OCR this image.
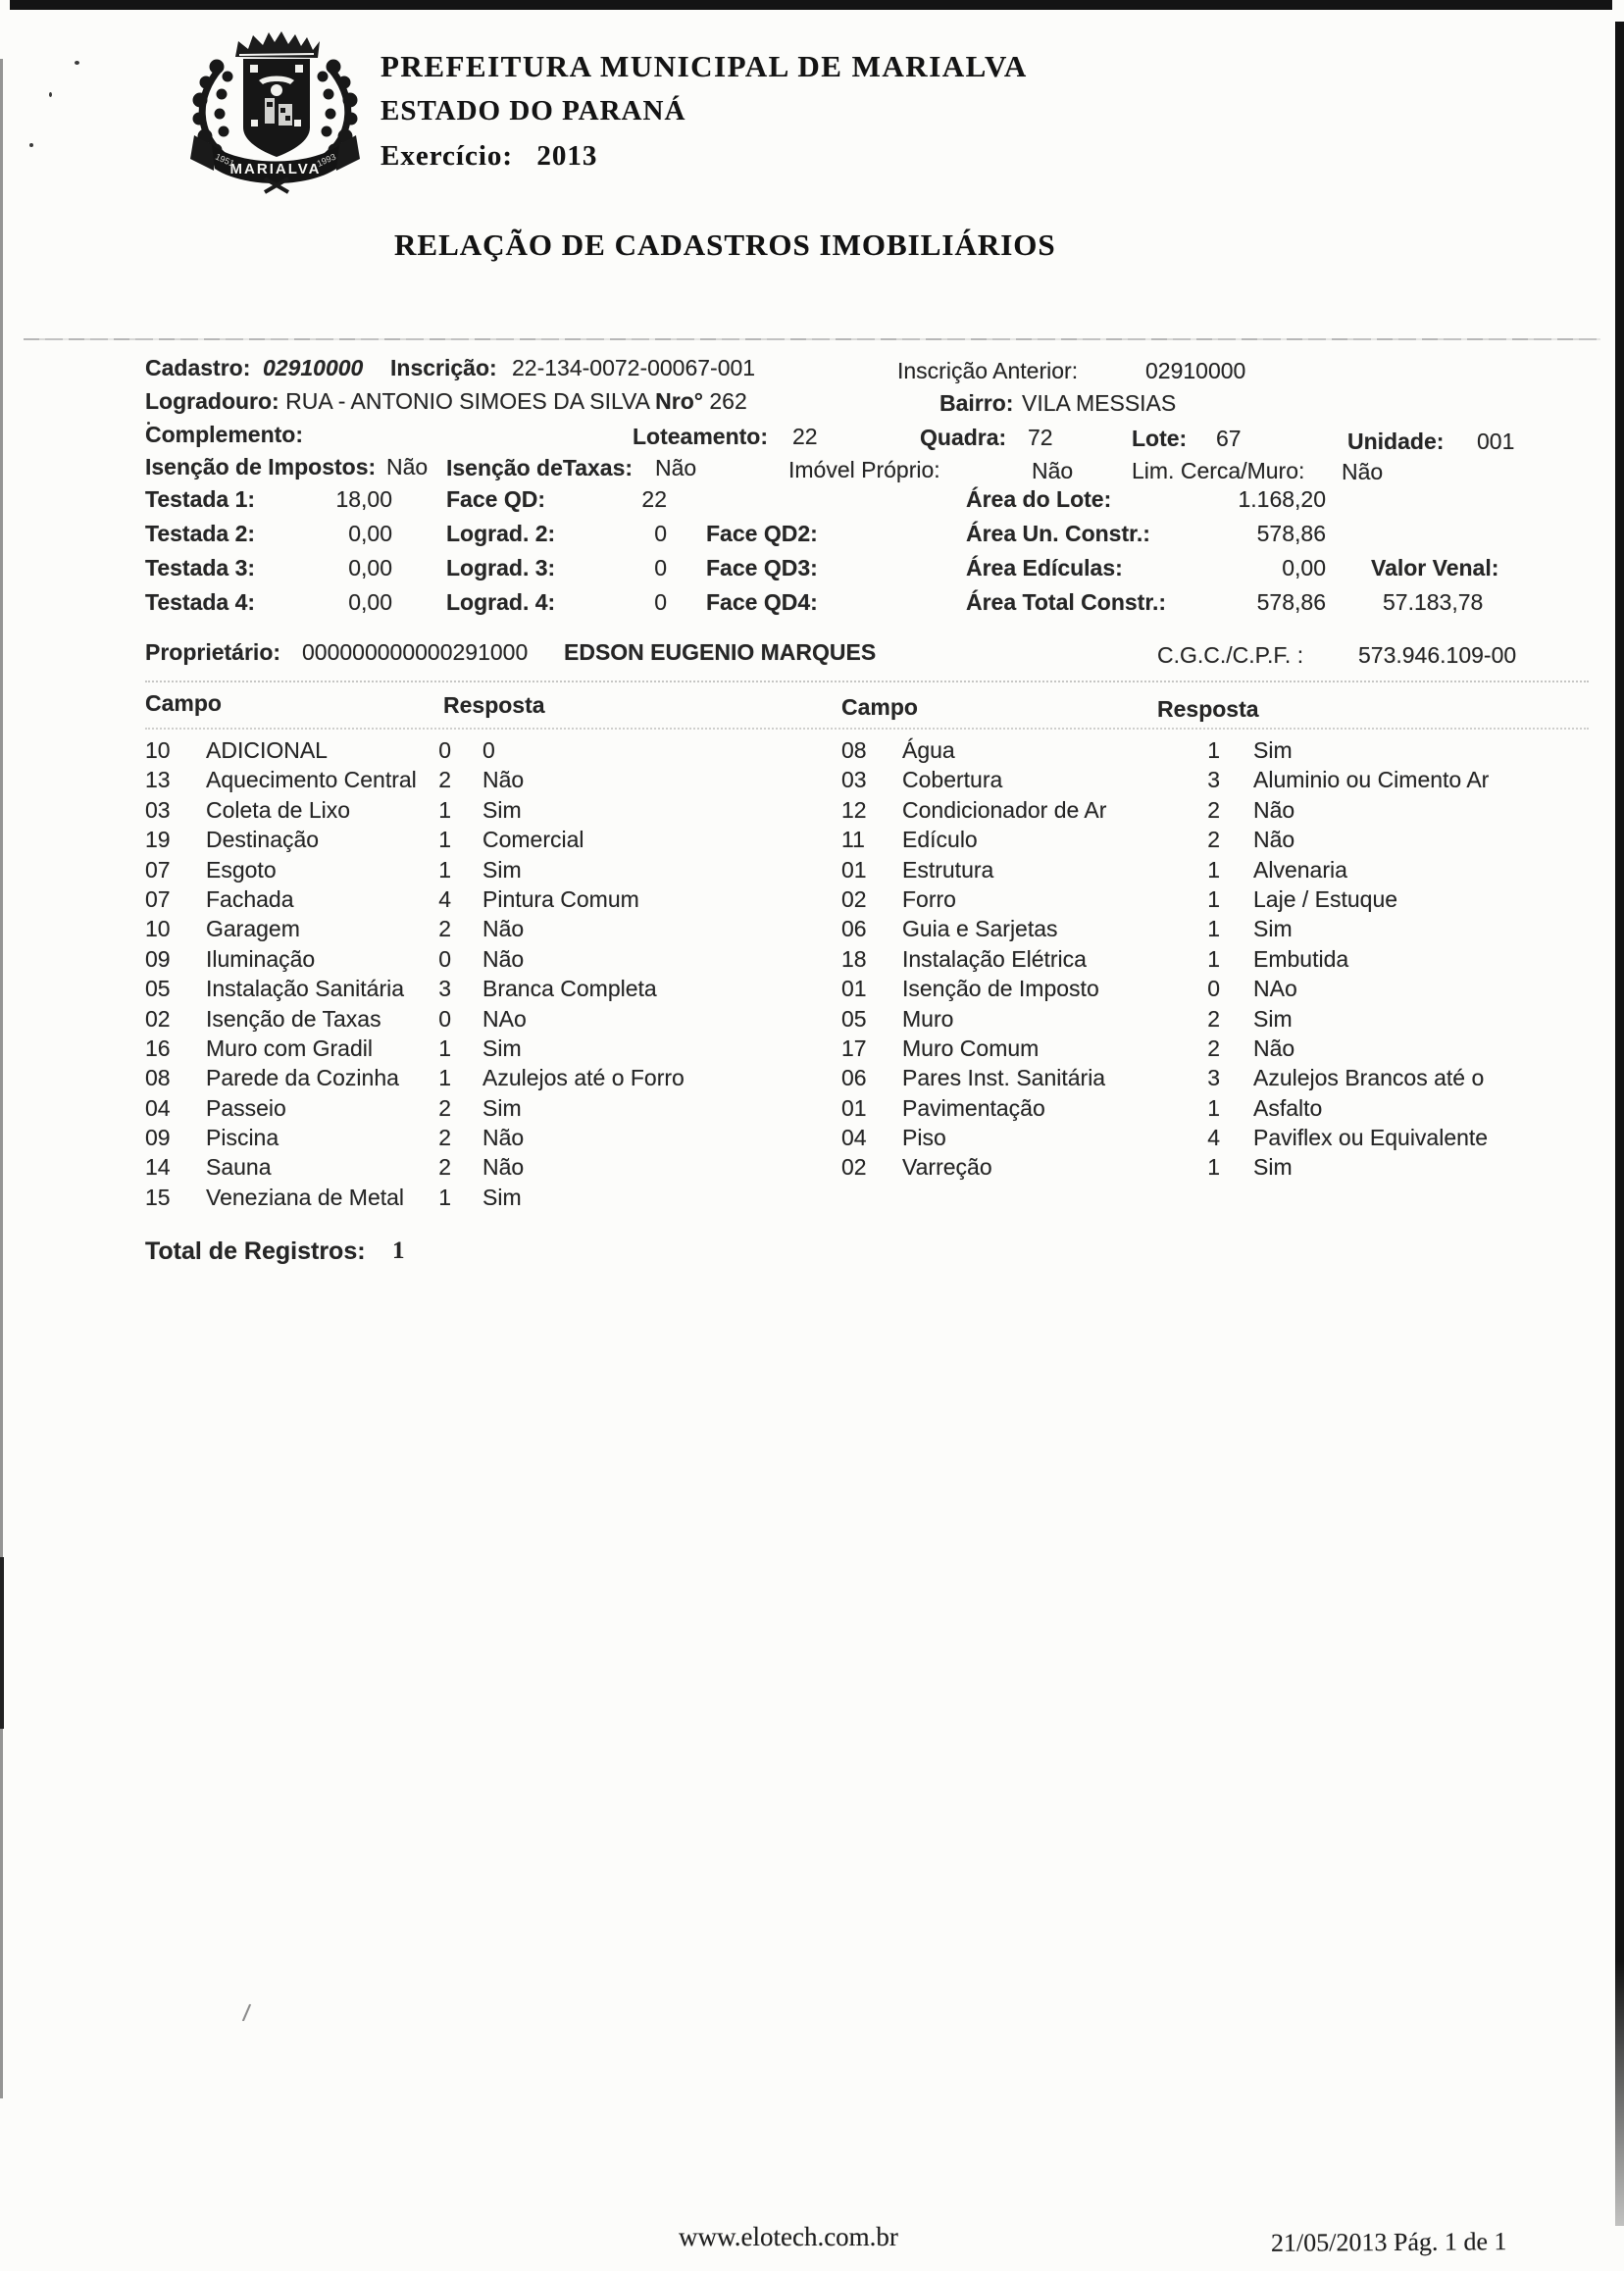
/
MARIALVA
1951	1993
PREFEITURA MUNICIPAL DE MARIALVA
ESTADO DO PARANÁ
Exercício: 2013
RELAÇÃO DE CADASTROS IMOBILIÁRIOS
Cadastro: 02910000 Inscrição: 22-134-0072-00067-001	Inscrição Anterior:	02910000
Logradouro: RUA - ANTONIO SIMOES DA SILVA Nro° 262	Bairro: VILA MESSIAS
Complemento:	Loteamento: 22	Quadra: 72	Lote: 67	Unidade: 001
Isenção de Impostos: Não Isenção deTaxas: Não	Imóvel Próprio:	Não	Lim. Cerca/Muro: Não
Testada 1:	18,00 Face QD:	22	Área do Lote:	1.168,20
Testada 2:	0,00 Lograd. 2:	0 Face QD2:	Área Un. Constr.:	578,86
Testada 3:	0,00 Lograd. 3:	0 Face QD3:	Área Edículas:	0,00 Valor Venal:
Testada 4:	0,00 Lograd. 4:	0 Face QD4:	Área Total Constr.:	578,86	57.183,78
Proprietário: 000000000000291000 EDSON EUGENIO MARQUES	C.G.C./C.P.F. : 573.946.109-00
Campo	Resposta	Campo	Resposta
10 ADICIONAL	0 0
13 Aquecimento Central 2 Não
03 Coleta de Lixo	1 Sim
19 Destinação	1 Comercial
07 Esgoto	1 Sim
07 Fachada	4 Pintura Comum
10 Garagem	2 Não
09 Iluminação	0 Não
05 Instalação Sanitária 3 Branca Completa
02 Isenção de Taxas	0 NAo
16 Muro com Gradil	1 Sim
08 Parede da Cozinha 1 Azulejos até o Forro
04 Passeio	2 Sim
09 Piscina	2 Não
14 Sauna	2 Não
15 Veneziana de Metal 1 Sim
08 Água	1 Sim
03 Cobertura	3 Aluminio ou Cimento Ar
12 Condicionador de Ar	2 Não
11 Edículo	2 Não
01 Estrutura	1 Alvenaria
02 Forro	1 Laje / Estuque
06 Guia e Sarjetas	1 Sim
18 Instalação Elétrica	1 Embutida
01 Isenção de Imposto	0 NAo
05 Muro	2 Sim
17 Muro Comum	2 Não
06 Pares Inst. Sanitária	3 Azulejos Brancos até o
01 Pavimentação	1 Asfalto
04 Piso	4 Paviflex ou Equivalente
02 Varreção	1 Sim
Total de Registros: 1
www.elotech.com.br	21/05/2013 Pág. 1 de 1
